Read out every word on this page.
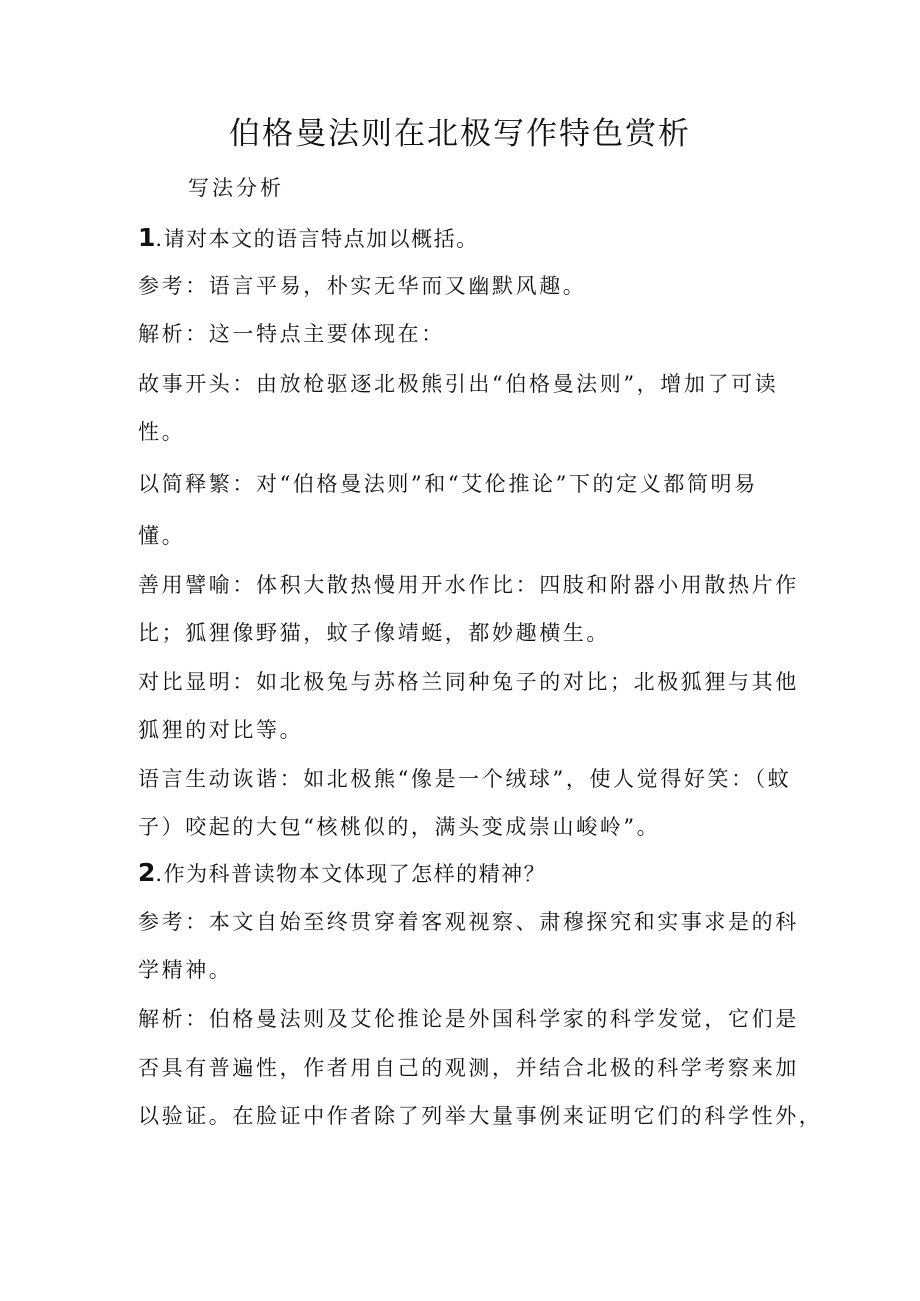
伯格曼法则在北极写作特色赏析
写法分析
1.请对本文的语言特点加以概括。
参考：语言平易，朴实无华而又幽默风趣。
解析：这一特点主要体现在：
故事开头：由放枪驱逐北极熊引出“伯格曼法则”，增加了可读
性。
以简释繁：对“伯格曼法则”和“艾伦推论”下的定义都简明易
懂。
善用譬喻：体积大散热慢用开水作比：四肢和附器小用散热片作
比；狐狸像野猫，蚊子像靖蜓，都妙趣横生。
对比显明：如北极兔与苏格兰同种兔子的对比；北极狐狸与其他
狐狸的对比等。
语言生动诙谐：如北极熊“像是一个绒球”，使人觉得好笑：（蚊
子）咬起的大包“核桃似的，满头变成崇山峻岭”。
2.作为科普读物本文体现了怎样的精神？
参考：本文自始至终贯穿着客观视察、肃穆探究和实事求是的科
学精神。
解析：伯格曼法则及艾伦推论是外国科学家的科学发觉，它们是
否具有普遍性，作者用自己的观测，并结合北极的科学考察来加
以验证。在脸证中作者除了列举大量事例来证明它们的科学性外，
